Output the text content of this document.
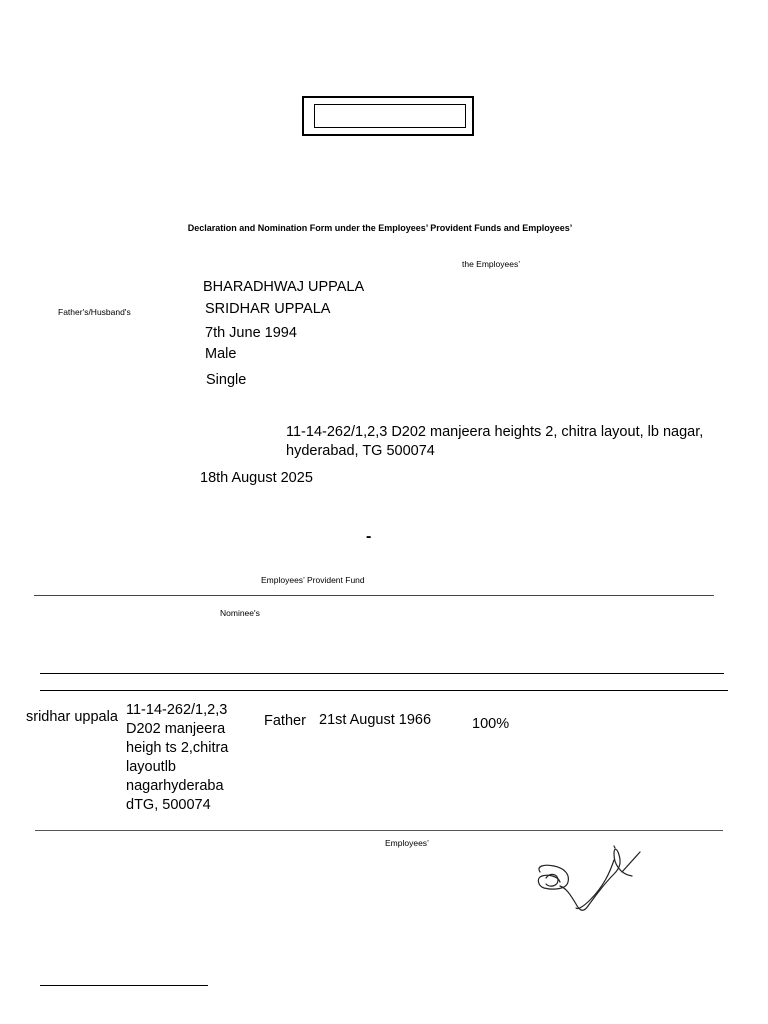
Declaration and Nomination Form under the Employees’ Provident Funds and Employees’
the Employees’
BHARADHWAJ UPPALA
Father's/Husband's	SRIDHAR UPPALA
7th June 1994
Male
Single
11-14-262/1,2,3 D202 manjeera heights 2, chitra layout, lb nagar, hyderabad, TG 500074
18th August 2025
-
Employees’ Provident Fund
Nominee's
sridhar uppala 11-14-262/1,2,3 D202 manjeera heigh ts 2,chitra layoutlb nagarhyderaba dTG, 500074
Father 21st August 1966	100%
Employees’
